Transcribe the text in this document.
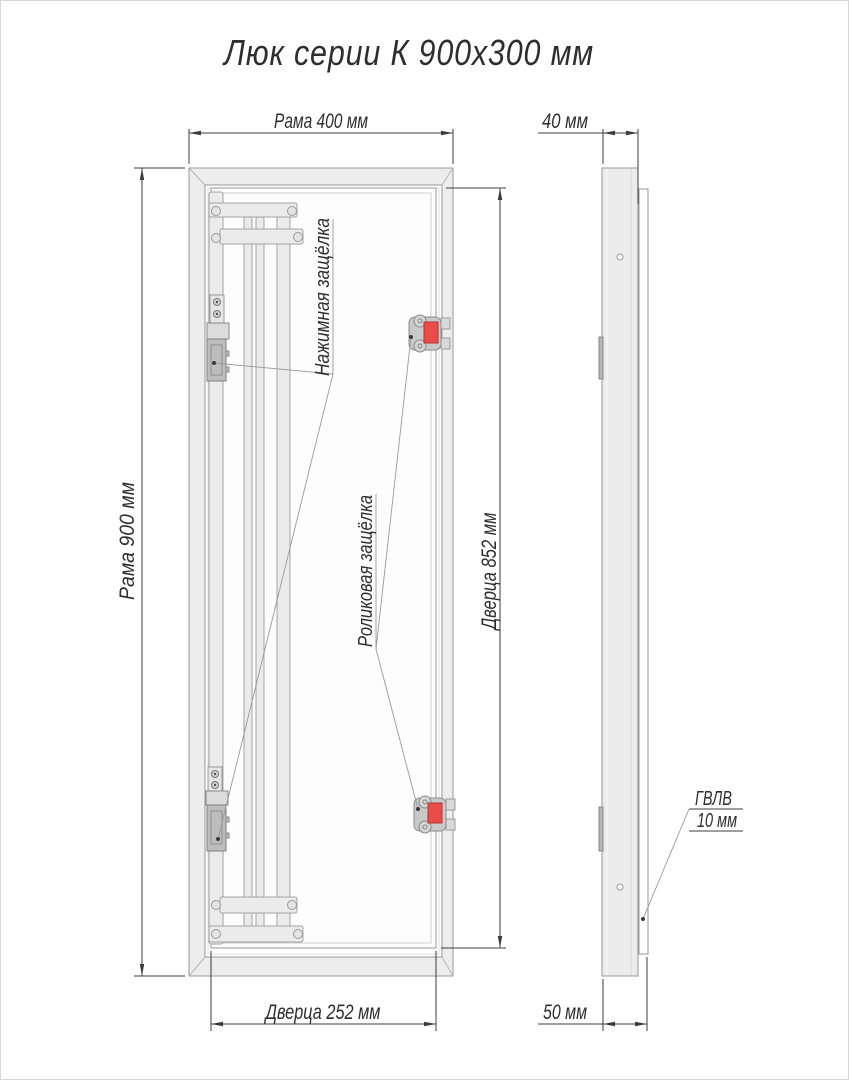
Люк серии К 900х300 мм
Рама 400 мм
Рама 900 мм	Дверца 852 мм
Дверца 252 мм
Нажимная защёлка
Роликовая защёлка
40 мм
50 мм
ГВЛВ
10 мм
